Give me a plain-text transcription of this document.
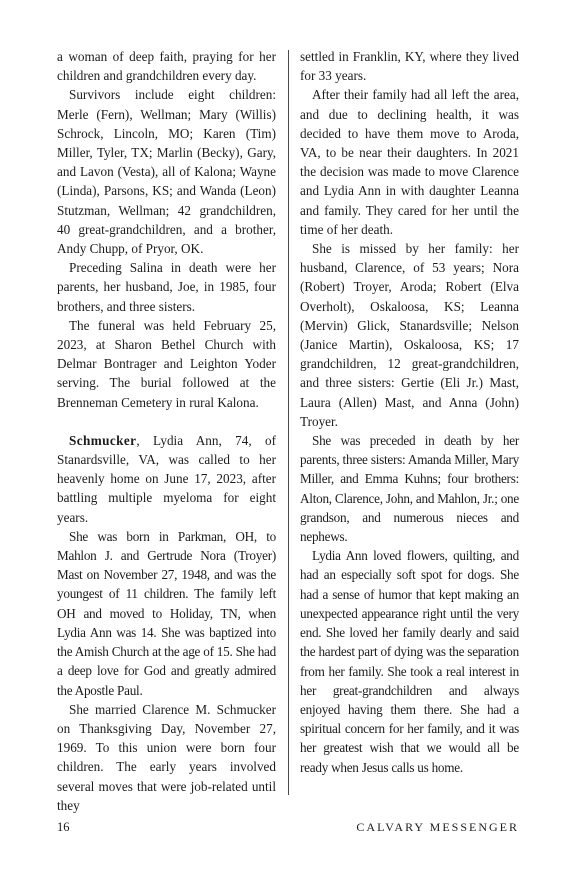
a woman of deep faith, praying for her children and grandchildren every day.

Survivors include eight children: Merle (Fern), Wellman; Mary (Willis) Schrock, Lincoln, MO; Karen (Tim) Miller, Tyler, TX; Marlin (Becky), Gary, and Lavon (Vesta), all of Kalona; Wayne (Linda), Parsons, KS; and Wanda (Leon) Stutzman, Wellman; 42 grandchildren, 40 great-grandchildren, and a brother, Andy Chupp, of Pryor, OK.

Preceding Salina in death were her parents, her husband, Joe, in 1985, four brothers, and three sisters.

The funeral was held February 25, 2023, at Sharon Bethel Church with Delmar Bontrager and Leighton Yoder serving. The burial followed at the Brenneman Cemetery in rural Kalona.

Schmucker, Lydia Ann, 74, of Stanardsville, VA, was called to her heavenly home on June 17, 2023, after battling multiple myeloma for eight years.

She was born in Parkman, OH, to Mahlon J. and Gertrude Nora (Troyer) Mast on November 27, 1948, and was the youngest of 11 children. The family left OH and moved to Holiday, TN, when Lydia Ann was 14. She was baptized into the Amish Church at the age of 15. She had a deep love for God and greatly admired the Apostle Paul.

She married Clarence M. Schmucker on Thanksgiving Day, November 27, 1969. To this union were born four children. The early years involved several moves that were job-related until they

settled in Franklin, KY, where they lived for 33 years.

After their family had all left the area, and due to declining health, it was decided to have them move to Aroda, VA, to be near their daughters. In 2021 the decision was made to move Clarence and Lydia Ann in with daughter Leanna and family. They cared for her until the time of her death.

She is missed by her family: her husband, Clarence, of 53 years; Nora (Robert) Troyer, Aroda; Robert (Elva Overholt), Oskaloosa, KS; Leanna (Mervin) Glick, Stanardsville; Nelson (Janice Martin), Oskaloosa, KS; 17 grandchildren, 12 great-grandchildren, and three sisters: Gertie (Eli Jr.) Mast, Laura (Allen) Mast, and Anna (John) Troyer.

She was preceded in death by her parents, three sisters: Amanda Miller, Mary Miller, and Emma Kuhns; four brothers: Alton, Clarence, John, and Mahlon, Jr.; one grandson, and numerous nieces and nephews.

Lydia Ann loved flowers, quilting, and had an especially soft spot for dogs. She had a sense of humor that kept making an unexpected appearance right until the very end. She loved her family dearly and said the hardest part of dying was the separation from her family. She took a real interest in her great-grandchildren and always enjoyed having them there. She had a spiritual concern for her family, and it was her greatest wish that we would all be ready when Jesus calls us home.

16	CALVARY MESSENGER
